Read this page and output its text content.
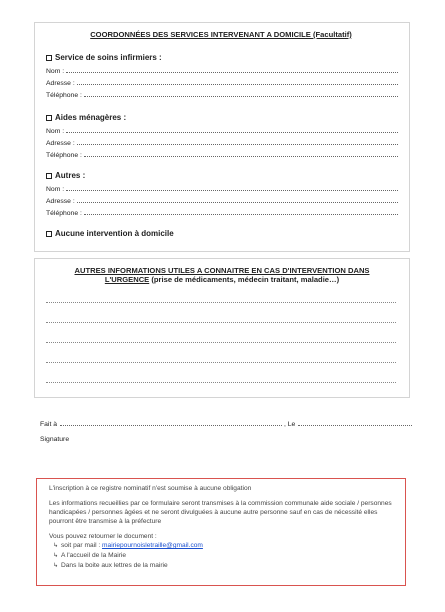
COORDONNÉES DES SERVICES INTERVENANT A DOMICILE (Facultatif)
Service de soins infirmiers :
Nom :
Adresse :
Téléphone :
Aides ménagères :
Nom :
Adresse :
Téléphone :
Autres :
Nom :
Adresse :
Téléphone :
Aucune intervention à domicile
AUTRES INFORMATIONS UTILES A CONNAITRE EN CAS D'INTERVENTION DANS
L'URGENCE (prise de médicaments, médecin traitant, maladie…)
Fait à	, Le
Signature

L'inscription à ce registre nominatif n'est soumise à aucune obligation

Les informations recueillies par ce formulaire seront transmises à la commission communale aide sociale / personnes handicapées / personnes âgées et ne seront divulguées à aucune autre personne sauf en cas de nécessité elles pourront être transmise à la préfecture

Vous pouvez retourner le document :

↳ soit par mail : mairiepournoisletraille@gmail.com
↳ A l'accueil de la Mairie
↳ Dans la boite aux lettres de la mairie
